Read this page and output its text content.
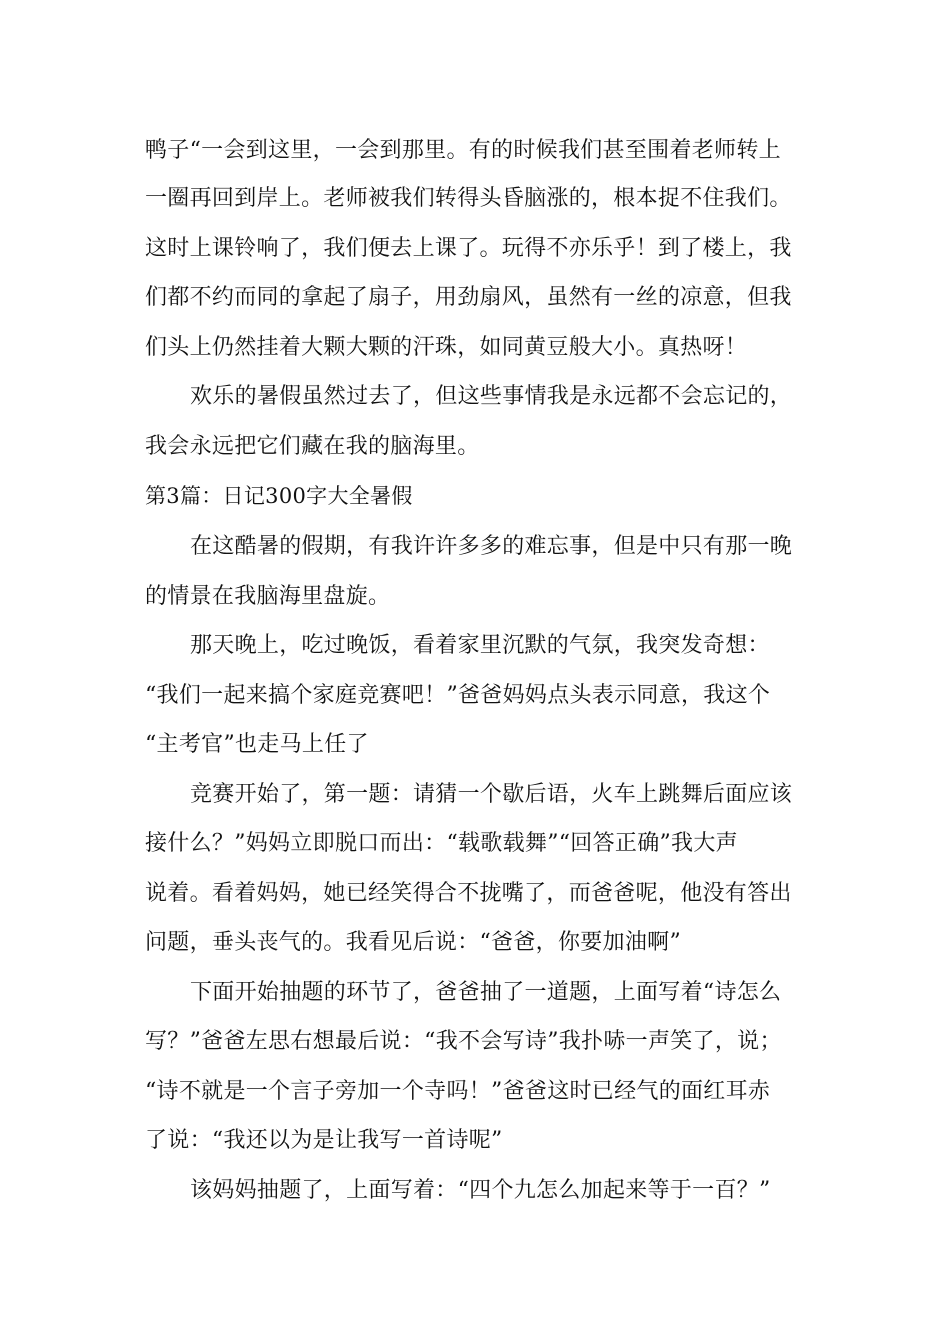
鸭子“一会到这里，一会到那里。有的时候我们甚至围着老师转上
一圈再回到岸上。老师被我们转得头昏脑涨的，根本捉不住我们。
这时上课铃响了，我们便去上课了。玩得不亦乐乎！到了楼上，我
们都不约而同的拿起了扇子，用劲扇风，虽然有一丝的凉意，但我
们头上仍然挂着大颗大颗的汗珠，如同黄豆般大小。真热呀！
欢乐的暑假虽然过去了，但这些事情我是永远都不会忘记的，
我会永远把它们藏在我的脑海里。
第3篇：日记300字大全暑假
在这酷暑的假期，有我许许多多的难忘事，但是中只有那一晚
的情景在我脑海里盘旋。
那天晚上，吃过晚饭，看着家里沉默的气氛，我突发奇想：
“我们一起来搞个家庭竞赛吧！”爸爸妈妈点头表示同意，我这个
“主考官”也走马上任了
竞赛开始了，第一题：请猜一个歇后语，火车上跳舞后面应该
接什么？”妈妈立即脱口而出：“载歌载舞”“回答正确”我大声
说着。看着妈妈，她已经笑得合不拢嘴了，而爸爸呢，他没有答出
问题，垂头丧气的。我看见后说：“爸爸，你要加油啊”
下面开始抽题的环节了，爸爸抽了一道题，上面写着“诗怎么
写？”爸爸左思右想最后说：“我不会写诗”我扑哧一声笑了，说；
“诗不就是一个言子旁加一个寺吗！”爸爸这时已经气的面红耳赤
了说：“我还以为是让我写一首诗呢”
该妈妈抽题了，上面写着：“四个九怎么加起来等于一百？”
